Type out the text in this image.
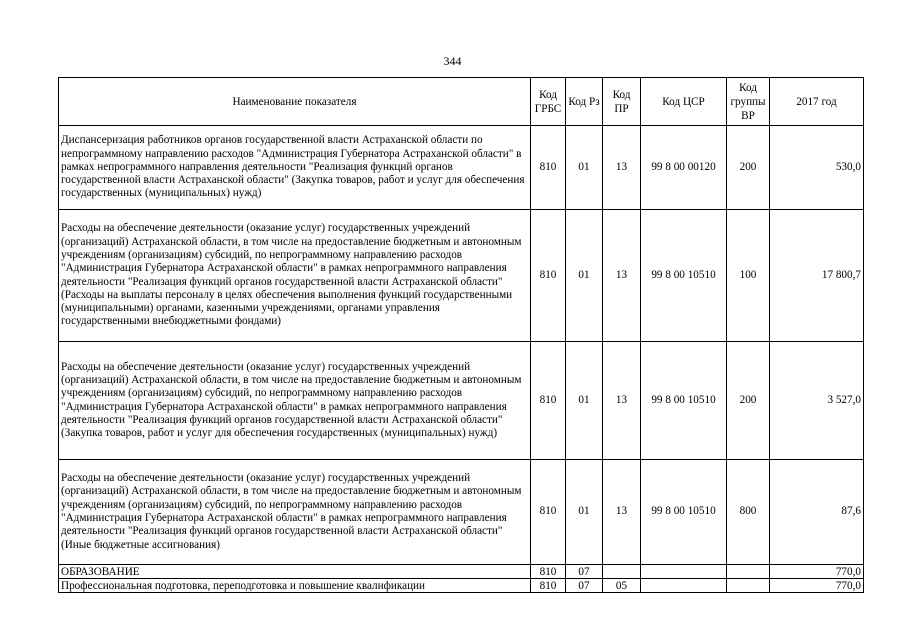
344
Наименование показателя	Код ГРБС	Код Рз	Код ПР	Код ЦСР	Код группы ВР	2017 год
Диспансеризация работников органов государственной власти Астраханской области по непрограммному направлению расходов "Администрация Губернатора Астраханской области" в рамках непрограммного направления деятельности "Реализация функций органов государственной власти Астраханской области" (Закупка товаров, работ и услуг для обеспечения государственных (муниципальных) нужд)	810	01	13	99 8 00 00120	200	530,0
Расходы на обеспечение деятельности (оказание услуг) государственных учреждений (организаций) Астраханской области, в том числе на предоставление бюджетным и автономным учреждениям (организациям) субсидий, по непрограммному направлению расходов "Администрация Губернатора Астраханской области" в рамках непрограммного направления деятельности "Реализация функций органов государственной власти Астраханской области" (Расходы на выплаты персоналу в целях обеспечения выполнения функций государственными (муниципальными) органами, казенными учреждениями, органами управления государственными внебюджетными фондами)	810	01	13	99 8 00 10510	100	17 800,7
Расходы на обеспечение деятельности (оказание услуг) государственных учреждений (организаций) Астраханской области, в том числе на предоставление бюджетным и автономным учреждениям (организациям) субсидий, по непрограммному направлению расходов "Администрация Губернатора Астраханской области" в рамках непрограммного направления деятельности "Реализация функций органов государственной власти Астраханской области" (Закупка товаров, работ и услуг для обеспечения государственных (муниципальных) нужд)	810	01	13	99 8 00 10510	200	3 527,0
Расходы на обеспечение деятельности (оказание услуг) государственных учреждений (организаций) Астраханской области, в том числе на предоставление бюджетным и автономным учреждениям (организациям) субсидий, по непрограммному направлению расходов "Администрация Губернатора Астраханской области" в рамках непрограммного направления деятельности "Реализация функций органов государственной власти Астраханской области" (Иные бюджетные ассигнования)	810	01	13	99 8 00 10510	800	87,6
ОБРАЗОВАНИЕ	810	07				770,0
Профессиональная подготовка, переподготовка и повышение квалификации	810	07	05			770,0
